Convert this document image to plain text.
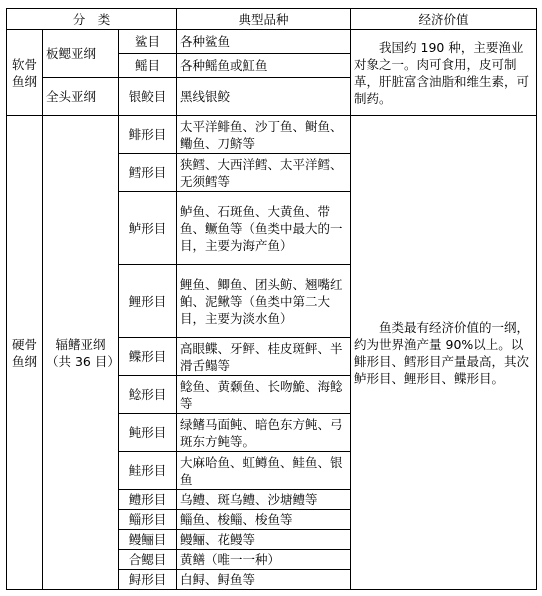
分　类			典型品种	经济价值
软骨鱼纲	板鳃亚纲	鲨目	各种鲨鱼	我国约 190 种，主要渔业对象之一。肉可食用，皮可制革，肝脏富含油脂和维生素，可制药。
		鳐目	各种鳐鱼或魟鱼	
	全头亚纲	银鲛目	黑线银鲛	
硬骨鱼纲	辐鳍亚纲（共 36 目）	鲱形目	太平洋鲱鱼、沙丁鱼、鲥鱼、鳓鱼、刀鲚等	鱼类最有经济价值的一纲，约为世界渔产量 90%以上。以鲱形目、鳕形目产量最高，其次鲈形目、鲤形目、鲽形目。
		鳕形目	狭鳕、大西洋鳕、太平洋鳕、无须鳕等	
		鲈形目	鲈鱼、石斑鱼、大黄鱼、带鱼、鳜鱼等（鱼类中最大的一目，主要为海产鱼）	
		鲤形目	鲤鱼、鲫鱼、团头鲂、翘嘴红鲌、泥鳅等（鱼类中第二大目，主要为淡水鱼）	
		鲽形目	高眼鲽、牙鲆、桂皮斑鲆、半滑舌鳎等	
		鲶形目	鲶鱼、黄颡鱼、长吻鮠、海鲶等	
		鲀形目	绿鳍马面鲀、暗色东方鲀、弓斑东方鲀等。	
		鲑形目	大麻哈鱼、虹鳟鱼、鲑鱼、银鱼	
		鳢形目	乌鳢、斑乌鳢、沙塘鳢等	
		鲻形目	鲻鱼、梭鲻、梭鱼等	
		鳗鲡目	鳗鲡、花鳗等	
		合鳃目	黄鳝（唯一一种）	
		鲟形目	白鲟、鲟鱼等	
